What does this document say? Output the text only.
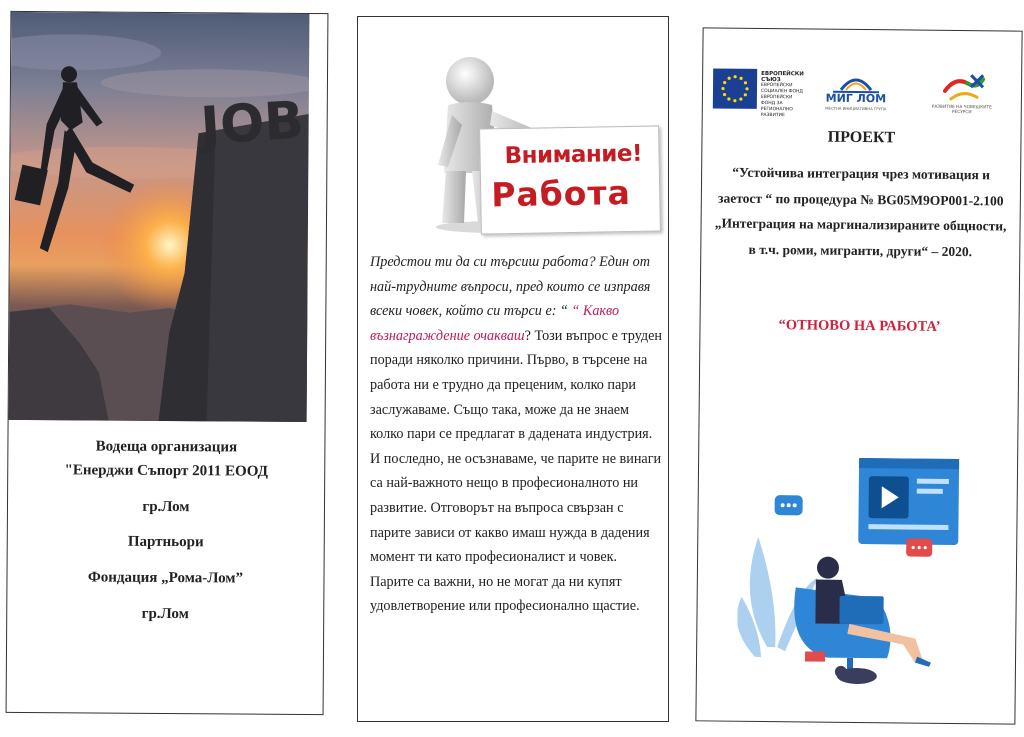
JOB
Водеща организация
"Енерджи Съпорт 2011 ЕООД
гр.Лом
Партньори
Фондация „Рома-Лом”
гр.Лом
Внимание!
Работа
Предстои ти да си търсиш работа? Един от най-трудните въпроси, пред които се изправя всеки човек, който си търси е: “ “ Какво възнаграждение очакваш? Този въпрос е труден поради няколко причини. Първо, в търсене на работа ни е трудно да преценим, колко пари заслужаваме. Също така, може да не знаем колко пари се предлагат в дадената индустрия. И последно, не осъзнаваме, че парите не винаги са най-важното нещо в професионалното ни развитие. Отговорът на въпроса свързан с парите зависи от какво имаш нужда в дадения момент ти като професионалист и човек. Парите са важни, но не могат да ни купят удовлетворение или професионално щастие.
ЕВРОПЕЙСКИ СЪЮЗ
ЕВРОПЕЙСКИ СОЦИАЛЕН ФОНД
ЕВРОПЕЙСКИ ФОНД ЗА РЕГИОНАЛНО РАЗВИТИЕ
МИГ ЛОМ
МЕСТНА ИНИЦИАТИВНА ГРУПА	РАЗВИТИЕ НА ЧОВЕШКИТЕ РЕСУРСИ
ПРОЕКТ
“Устойчива интеграция чрез мотивация и заетост “ по процедура № BG05M9OP001-2.100 „Интеграция на маргинализираните общности, в т.ч. роми, мигранти, други“ – 2020.
“ОТНОВО НА РАБОТА’
